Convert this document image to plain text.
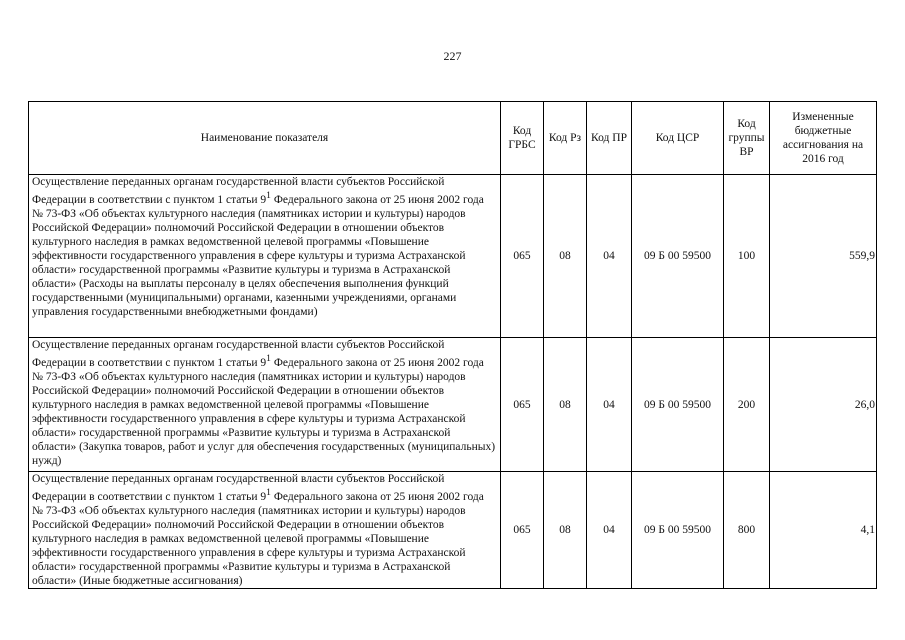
227
Наименование показателя	Код ГРБС	Код Рз	Код ПР	Код ЦСР	Код группы ВР	Измененные бюджетные ассигнования на 2016 год
Осуществление переданных органам государственной власти субъектов Российской Федерации в соответствии с пунктом 1 статьи $9^1$ Федерального закона от 25 июня 2002 года № 73-ФЗ «Об объектах культурного наследия (памятниках истории и культуры) народов Российской Федерации» полномочий Российской Федерации в отношении объектов культурного наследия в рамках ведомственной целевой программы «Повышение эффективности государственного управления в сфере культуры и туризма Астраханской области» государственной программы «Развитие культуры и туризма в Астраханской области» (Расходы на выплаты персоналу в целях обеспечения выполнения функций государственными (муниципальными) органами, казенными учреждениями, органами управления государственными внебюджетными фондами)	065	08	04	09 Б 00 59500	100	559,9
Осуществление переданных органам государственной власти субъектов Российской Федерации в соответствии с пунктом 1 статьи $9^1$ Федерального закона от 25 июня 2002 года № 73-ФЗ «Об объектах культурного наследия (памятниках истории и культуры) народов Российской Федерации» полномочий Российской Федерации в отношении объектов культурного наследия в рамках ведомственной целевой программы «Повышение эффективности государственного управления в сфере культуры и туризма Астраханской области» государственной программы «Развитие культуры и туризма в Астраханской области» (Закупка товаров, работ и услуг для обеспечения государственных (муниципальных) нужд)	065	08	04	09 Б 00 59500	200	26,0
Осуществление переданных органам государственной власти субъектов Российской Федерации в соответствии с пунктом 1 статьи $9^1$ Федерального закона от 25 июня 2002 года № 73-ФЗ «Об объектах культурного наследия (памятниках истории и культуры) народов Российской Федерации» полномочий Российской Федерации в отношении объектов культурного наследия в рамках ведомственной целевой программы «Повышение эффективности государственного управления в сфере культуры и туризма Астраханской области» государственной программы «Развитие культуры и туризма в Астраханской области» (Иные бюджетные ассигнования)	065	08	04	09 Б 00 59500	800	4,1
